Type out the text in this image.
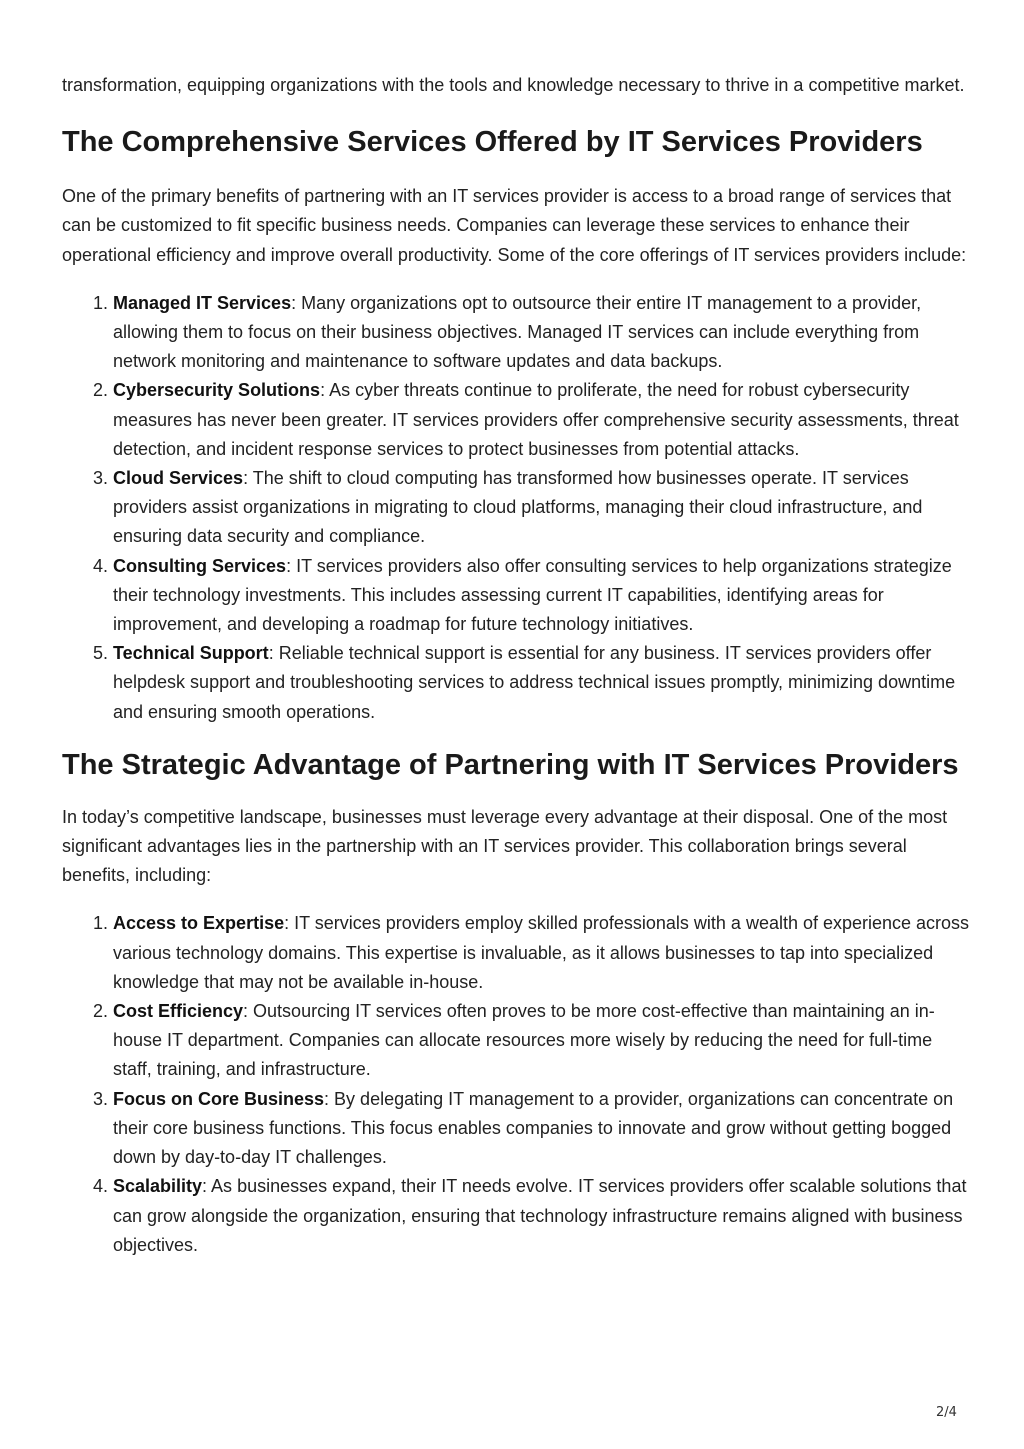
transformation, equipping organizations with the tools and knowledge necessary to thrive in a competitive market.

The Comprehensive Services Offered by IT Services Providers

One of the primary benefits of partnering with an IT services provider is access to a broad range of services that can be customized to fit specific business needs. Companies can leverage these services to enhance their operational efficiency and improve overall productivity. Some of the core offerings of IT services providers include:

1. Managed IT Services: Many organizations opt to outsource their entire IT management to a provider, allowing them to focus on their business objectives. Managed IT services can include everything from network monitoring and maintenance to software updates and data backups.
2. Cybersecurity Solutions: As cyber threats continue to proliferate, the need for robust cybersecurity measures has never been greater. IT services providers offer comprehensive security assessments, threat detection, and incident response services to protect businesses from potential attacks.
3. Cloud Services: The shift to cloud computing has transformed how businesses operate. IT services providers assist organizations in migrating to cloud platforms, managing their cloud infrastructure, and ensuring data security and compliance.
4. Consulting Services: IT services providers also offer consulting services to help organizations strategize their technology investments. This includes assessing current IT capabilities, identifying areas for improvement, and developing a roadmap for future technology initiatives.
5. Technical Support: Reliable technical support is essential for any business. IT services providers offer helpdesk support and troubleshooting services to address technical issues promptly, minimizing downtime and ensuring smooth operations.
The Strategic Advantage of Partnering with IT Services Providers

In today’s competitive landscape, businesses must leverage every advantage at their disposal. One of the most significant advantages lies in the partnership with an IT services provider. This collaboration brings several benefits, including:

1. Access to Expertise: IT services providers employ skilled professionals with a wealth of experience across various technology domains. This expertise is invaluable, as it allows businesses to tap into specialized knowledge that may not be available in-house.
2. Cost Efficiency: Outsourcing IT services often proves to be more cost-effective than maintaining an in-house IT department. Companies can allocate resources more wisely by reducing the need for full-time staff, training, and infrastructure.
3. Focus on Core Business: By delegating IT management to a provider, organizations can concentrate on their core business functions. This focus enables companies to innovate and grow without getting bogged down by day-to-day IT challenges.
4. Scalability: As businesses expand, their IT needs evolve. IT services providers offer scalable solutions that can grow alongside the organization, ensuring that technology infrastructure remains aligned with business objectives.
2/4
